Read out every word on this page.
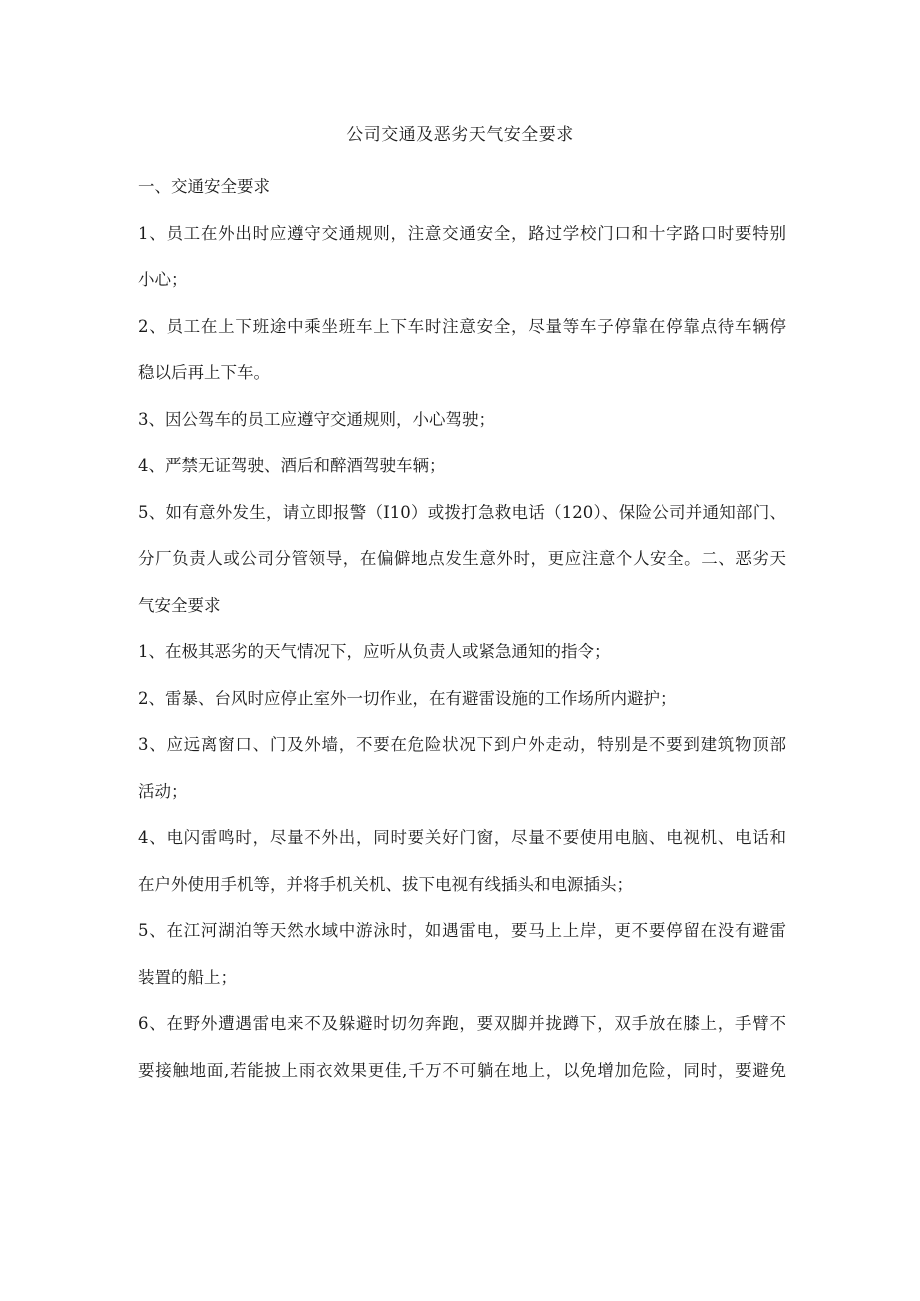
公司交通及恶劣天气安全要求
一、交通安全要求
1、员工在外出时应遵守交通规则，注意交通安全，路过学校门口和十字路口时要特别
小心；
2、员工在上下班途中乘坐班车上下车时注意安全，尽量等车子停靠在停靠点待车辆停
稳以后再上下车。
3、因公驾车的员工应遵守交通规则，小心驾驶；
4、严禁无证驾驶、酒后和醉酒驾驶车辆；
5、如有意外发生，请立即报警（I10）或拨打急救电话（120）、保险公司并通知部门、
分厂负责人或公司分管领导，在偏僻地点发生意外时，更应注意个人安全。二、恶劣天
气安全要求
1、在极其恶劣的天气情况下，应听从负责人或紧急通知的指令；
2、雷暴、台风时应停止室外一切作业，在有避雷设施的工作场所内避护；
3、应远离窗口、门及外墙，不要在危险状况下到户外走动，特别是不要到建筑物顶部
活动；
4、电闪雷鸣时，尽量不外出，同时要关好门窗，尽量不要使用电脑、电视机、电话和
在户外使用手机等，并将手机关机、拔下电视有线插头和电源插头；
5、在江河湖泊等天然水域中游泳时，如遇雷电，要马上上岸，更不要停留在没有避雷
装置的船上；
6、在野外遭遇雷电来不及躲避时切勿奔跑，要双脚并拢蹲下，双手放在膝上，手臂不
要接触地面,若能披上雨衣效果更佳,千万不可躺在地上，以免增加危险，同时，要避免
